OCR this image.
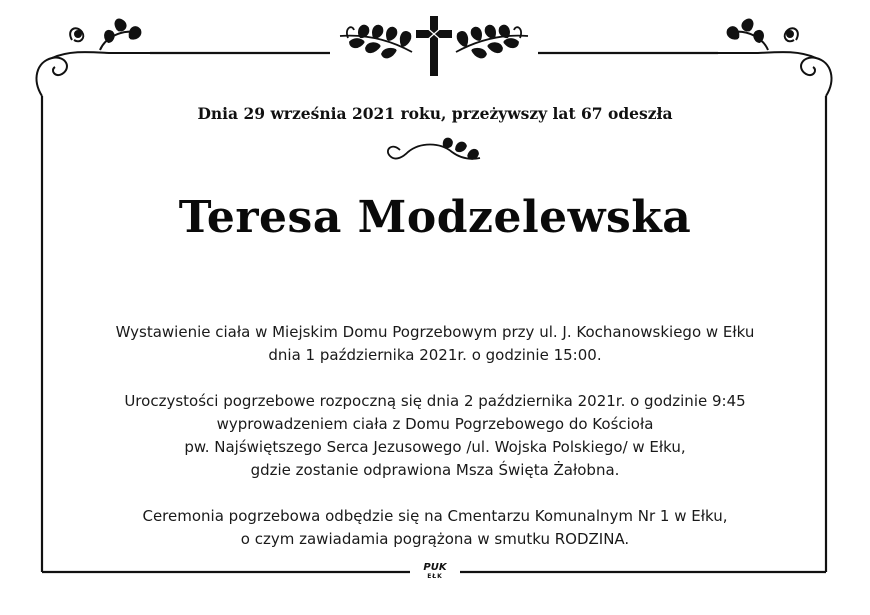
Dnia 29 września 2021 roku, przeżywszy lat 67 odeszła
Teresa Modzelewska

Wystawienie ciała w Miejskim Domu Pogrzebowym przy ul. J. Kochanowskiego w Ełku
dnia 1 października 2021r. o godzinie 15:00.

Uroczystości pogrzebowe rozpoczną się dnia 2 października 2021r. o godzinie 9:45
wyprowadzeniem ciała z Domu Pogrzebowego do Kościoła
pw. Najświętszego Serca Jezusowego /ul. Wojska Polskiego/ w Ełku,
gdzie zostanie odprawiona Msza Święta Żałobna.

Ceremonia pogrzebowa odbędzie się na Cmentarzu Komunalnym Nr 1 w Ełku,
o czym zawiadamia pogrążona w smutku RODZINA.

PUK
EŁK
